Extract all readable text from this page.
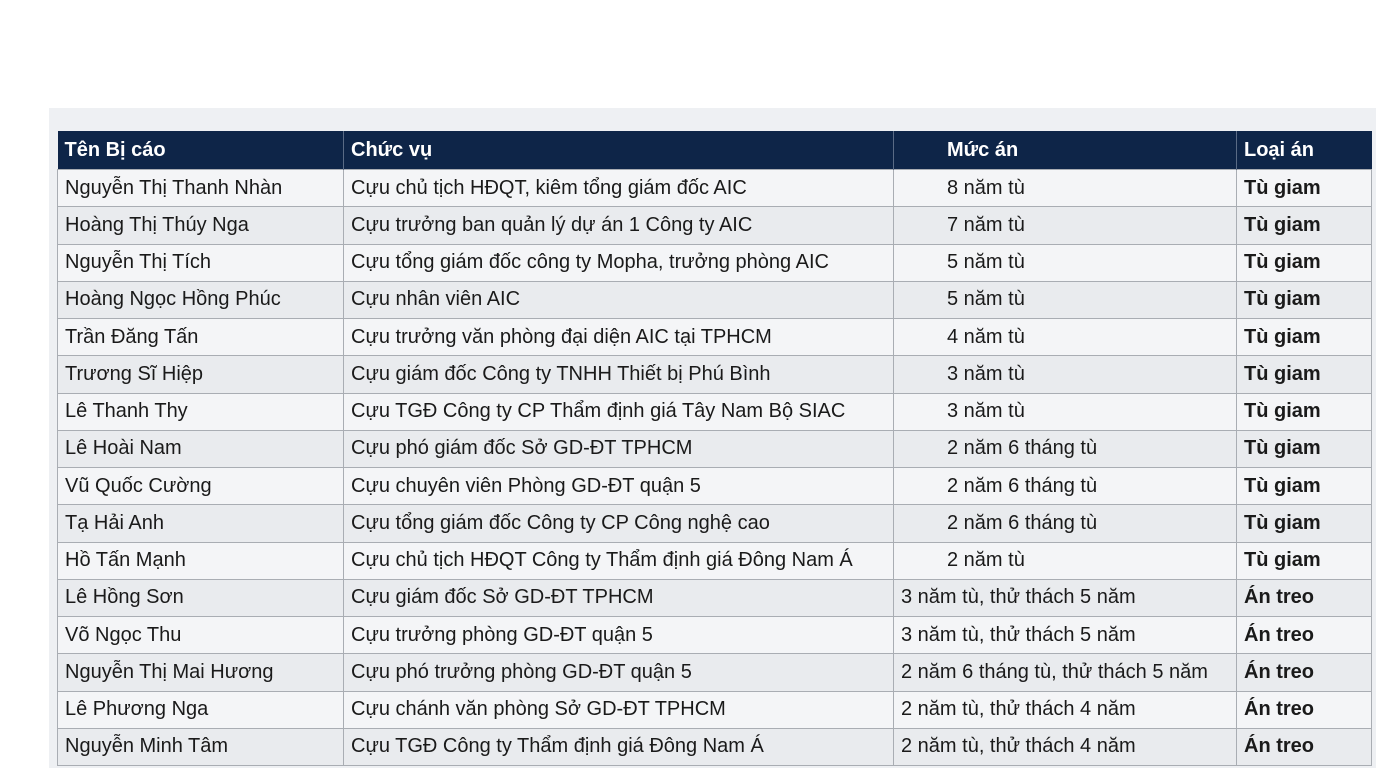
Tên Bị cáo	Chức vụ	Mức án	Loại án
Nguyễn Thị Thanh Nhàn	Cựu chủ tịch HĐQT, kiêm tổng giám đốc AIC	8 năm tù	Tù giam
Hoàng Thị Thúy Nga	Cựu trưởng ban quản lý dự án 1 Công ty AIC	7 năm tù	Tù giam
Nguyễn Thị Tích	Cựu tổng giám đốc công ty Mopha, trưởng phòng AIC	5 năm tù	Tù giam
Hoàng Ngọc Hồng Phúc	Cựu nhân viên AIC	5 năm tù	Tù giam
Trần Đăng Tấn	Cựu trưởng văn phòng đại diện AIC tại TPHCM	4 năm tù	Tù giam
Trương Sĩ Hiệp	Cựu giám đốc Công ty TNHH Thiết bị Phú Bình	3 năm tù	Tù giam
Lê Thanh Thy	Cựu TGĐ Công ty CP Thẩm định giá Tây Nam Bộ SIAC	3 năm tù	Tù giam
Lê Hoài Nam	Cựu phó giám đốc Sở GD-ĐT TPHCM	2 năm 6 tháng tù	Tù giam
Vũ Quốc Cường	Cựu chuyên viên Phòng GD-ĐT quận 5	2 năm 6 tháng tù	Tù giam
Tạ Hải Anh	Cựu tổng giám đốc Công ty CP Công nghệ cao	2 năm 6 tháng tù	Tù giam
Hồ Tấn Mạnh	Cựu chủ tịch HĐQT Công ty Thẩm định giá Đông Nam Á	2 năm tù	Tù giam
Lê Hồng Sơn	Cựu giám đốc Sở GD-ĐT TPHCM	3 năm tù, thử thách 5 năm	Án treo
Võ Ngọc Thu	Cựu trưởng phòng GD-ĐT quận 5	3 năm tù, thử thách 5 năm	Án treo
Nguyễn Thị Mai Hương	Cựu phó trưởng phòng GD-ĐT quận 5	2 năm 6 tháng tù, thử thách 5 năm	Án treo
Lê Phương Nga	Cựu chánh văn phòng Sở GD-ĐT TPHCM	2 năm tù, thử thách 4 năm	Án treo
Nguyễn Minh Tâm	Cựu TGĐ Công ty Thẩm định giá Đông Nam Á	2 năm tù, thử thách 4 năm	Án treo
